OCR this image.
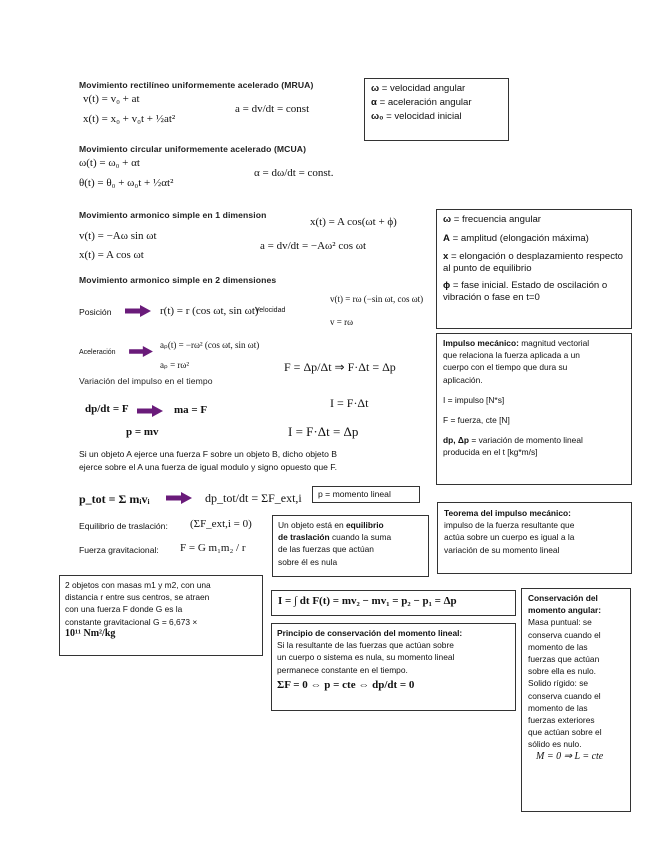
Movimiento rectilíneo uniformemente acelerado (MRUA)
v(t) = v₀ + at
x(t) = x₀ + v₀t + ½at²
a = dv/dt = const
ω = velocidad angular
α = aceleración angular
ω₀ = velocidad inicial
Movimiento circular uniformemente acelerado (MCUA)
ω(t) = ω₀ + αt
θ(t) = θ₀ + ω₀t + ½αt²
α = dω/dt = const.
Movimiento armonico simple en 1 dimension
x(t) = A cos(ωt + ϕ)
v(t) = −Aω sin ωt
x(t) = A cos ωt
a = dv/dt = −Aω² cos ωt
ω = frecuencia angular
A = amplitud (elongación máxima)
x = elongación o desplazamiento respecto al punto de equilibrio
ϕ = fase inicial. Estado de oscilación o vibración o fase en t=0
Movimiento armonico simple en 2 dimensiones
Posición	r(t) = r (cos ωt, sin ωt)
Velocidad
v(t) = rω (−sin ωt, cos ωt)
v = rω
Aceleración
aₚ(t) = −rω² (cos ωt, sin ωt)
aₚ = rω²
Impulso mecánico: magnitud vectorial
que relaciona la fuerza aplicada a un
cuerpo con el tiempo que dura su
aplicación.
I = impulso [N*s]
F = fuerza, cte [N]
dp, Δp = variación de momento lineal
producida en el t [kg*m/s]
Variación del impulso en el tiempo
dp/dt = F	ma = F
p = mv
F = Δp/Δt ⇒ F·Δt = Δp
I = F·Δt
I = F·Δt = Δp
Si un objeto A ejerce una fuerza F sobre un objeto B, dicho objeto B
ejerce sobre el A una fuerza de igual modulo y signo opuesto que F.
p_tot = Σ mᵢvᵢ	dp_tot/dt = ΣF_ext,i p = momento lineal
Equilibrio de traslación: (ΣF_ext,i = 0)
Fuerza gravitacional: F = G m₁m₂ / r
Un objeto está en equilibrio
de traslación cuando la suma
de las fuerzas que actúan
sobre él es nula
Teorema del impulso mecánico:
impulso de la fuerza resultante que
actúa sobre un cuerpo es igual a la
variación de su momento lineal
2 objetos con masas m1 y m2, con una
distancia r entre sus centros, se atraen
con una fuerza F donde G es la
constante gravitacional G = 6,673 ×
10¹¹ Nm²/kg
I = ∫ dt F(t) = mv₂ − mv₁ = p₂ − p₁ = Δp
Principio de conservación del momento lineal:
Si la resultante de las fuerzas que actúan sobre
un cuerpo o sistema es nula, su momento lineal
permanece constante en el tiempo.
ΣF = 0 ⇔ p = cte ⇔ dp/dt = 0
Conservación del
momento angular:
Masa puntual: se
conserva cuando el
momento de las
fuerzas que actúan
sobre ella es nulo.
Solido rígido: se
conserva cuando el
momento de las
fuerzas exteriores
que actúan sobre el
sólido es nulo.
M = 0 ⇒ L = cte
